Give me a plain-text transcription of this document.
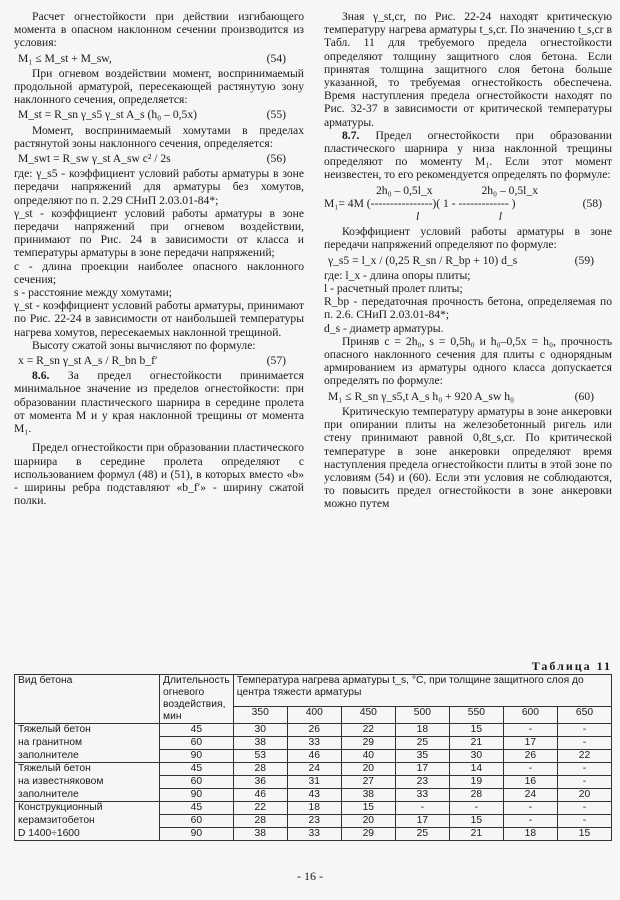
Расчет огнестойкости при действии изгибающего момента в опасном наклонном сечении производится из условия:

M₁ ≤ M_st + M_sw,	(54)

При огневом воздействии момент, воспринимаемый продольной арматурой, пересекающей растянутую зону наклонного сечения, определяется:

M_st = R_sn γ_s5 γ_st A_s (h₀ – 0,5x)	(55)

Момент, воспринимаемый хомутами в пределах растянутой зоны наклонного сечения, определяется:

M_swt = R_sw γ_st A_sw c² / 2s	(56)

где: γ_s5 - коэффициент условий работы арматуры в зоне передачи напряжений для арматуры без хомутов, определяют по п. 2.29 СНиП 2.03.01-84*;

γ_st - коэффициент условий работы арматуры в зоне передачи напряжений при огневом воздействии, принимают по Рис. 24 в зависимости от класса и температуры арматуры в зоне передачи напряжений;

c - длина проекции наиболее опасного наклонного сечения;

s - расстояние между хомутами;

γ_st - коэффициент условий работы арматуры, принимают по Рис. 22-24 в зависимости от наибольшей температуры нагрева хомутов, пересекаемых наклонной трещиной.

Высоту сжатой зоны вычисляют по формуле:

x = R_sn γ_st A_s / R_bn b_f′	(57)

8.6. За предел огнестойкости принимается минимальное значение из пределов огнестойкости: при образовании пластического шарнира в середине пролета от момента M и у края наклонной трещины от момента M₁.

Предел огнестойкости при образовании пластического шарнира в середине пролета определяют с использованием формул (48) и (51), в которых вместо «b» - ширины ребра подставляют «b_f′» - ширину сжатой полки.

Зная γ_st,cr, по Рис. 22-24 находят критическую температуру нагрева арматуры t_s,cr. По значению t_s,cr в Табл. 11 для требуемого предела огнестойкости определяют толщину защитного слоя бетона. Если принятая толщина защитного слоя бетона больше указанной, то требуемая огнестойкость обеспечена. Время наступления предела огнестойкости находят по Рис. 32-37 в зависимости от критической температуры арматуры.

8.7. Предел огнестойкости при образовании пластического шарнира у низа наклонной трещины определяют по моменту M₁. Если этот момент неизвестен, то его рекомендуется определять по формуле:

2h₀ – 0,5l_x	2h₀ – 0,5l_x
M₁= 4M (----------------)( 1 - ------------- )	(58)
l	l

Коэффициент условий работы арматуры в зоне передачи напряжений определяют по формуле:

γ_s5 = l_x / (0,25 R_sn / R_bp + 10) d_s	(59)

где: l_x - длина опоры плиты;

l - расчетный пролет плиты;

R_bp - передаточная прочность бетона, определяемая по п. 2.6. СНиП 2.03.01-84*;

d_s - диаметр арматуры.

Приняв c = 2h₀, s = 0,5h₀ и h₀–0,5x = h₀, прочность опасного наклонного сечения для плиты с однорядным армированием из арматуры одного класса допускается определять по формуле:

M₁ ≤ R_sn γ_s5,t A_s h₀ + 920 A_sw h₀	(60)

Критическую температуру арматуры в зоне анкеровки при опирании плиты на железобетонный ригель или стену принимают равной 0,8t_s,cr. По критической температуре в зоне анкеровки определяют время наступления предела огнестойкости плиты в этой зоне по условиям (54) и (60). Если эти условия не соблюдаются, то повысить предел огнестойкости в зоне анкеровки можно путем

Таблица 11
Вид бетона	Длительность огневого воздействия, мин	Температура нагрева арматуры t_s, °C, при толщине защитного слоя до центра тяжести арматуры						
		350	400	450	500	550	600	650
Тяжелый бетон	45	30	26	22	18	15	-	-
на гранитном	60	38	33	29	25	21	17	-
заполнителе	90	53	46	40	35	30	26	22
Тяжелый бетон	45	28	24	20	17	14	-	-
на известняковом	60	36	31	27	23	19	16	-
заполнителе	90	46	43	38	33	28	24	20
Конструкционный	45	22	18	15	-	-	-	-
керамзитобетон	60	28	23	20	17	15	-	-
D 1400÷1600	90	38	33	29	25	21	18	15
- 16 -
